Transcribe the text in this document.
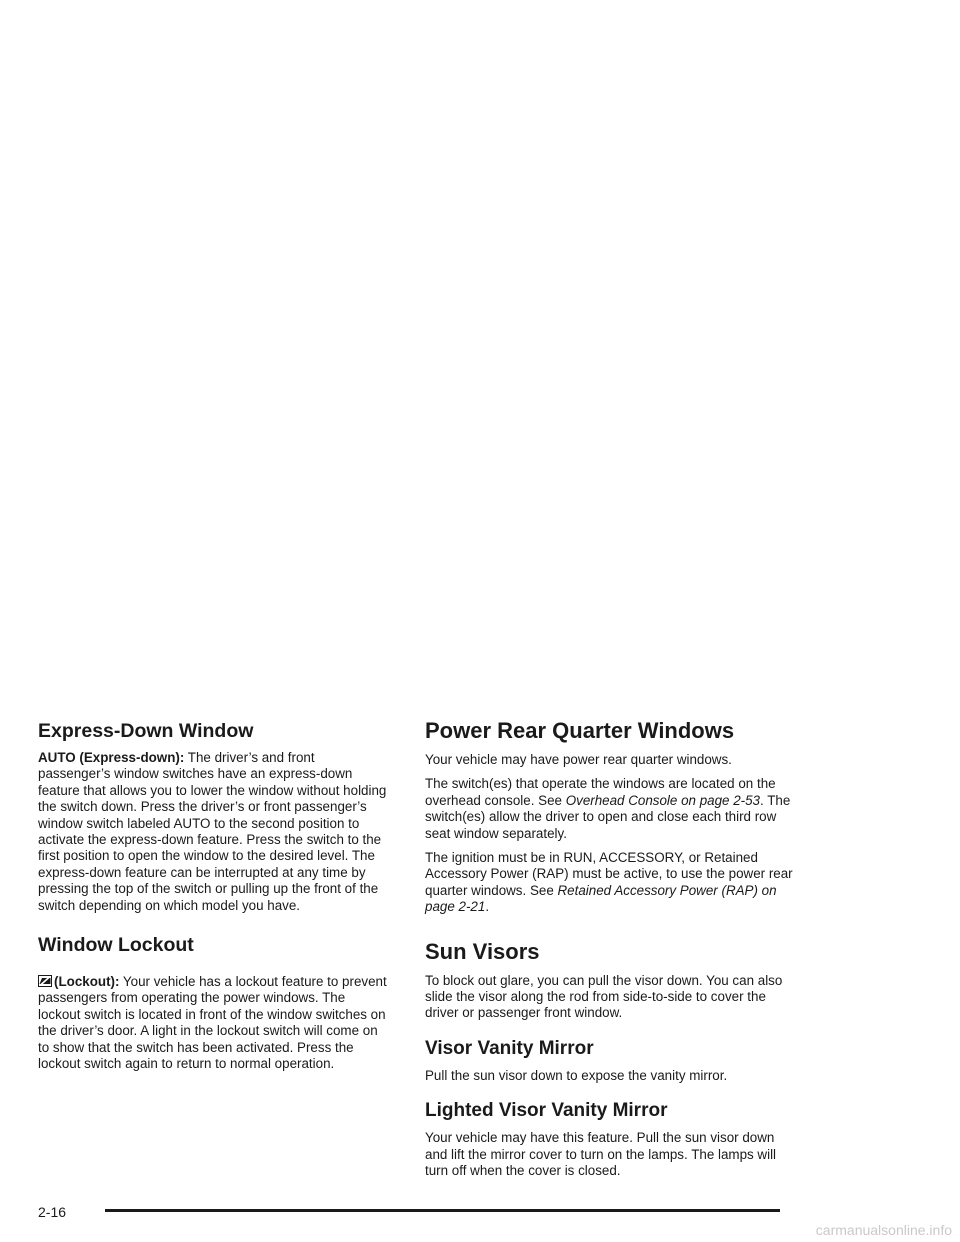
Express-Down Window

AUTO (Express-down): The driver’s and front passenger’s window switches have an express-down feature that allows you to lower the window without holding the switch down. Press the driver’s or front passenger’s window switch labeled AUTO to the second position to activate the express-down feature. Press the switch to the first position to open the window to the desired level. The express-down feature can be interrupted at any time by pressing the top of the switch or pulling up the front of the switch depending on which model you have.

Window Lockout

(Lockout): Your vehicle has a lockout feature to prevent passengers from operating the power windows. The lockout switch is located in front of the window switches on the driver’s door. A light in the lockout switch will come on to show that the switch has been activated. Press the lockout switch again to return to normal operation.

Power Rear Quarter Windows

Your vehicle may have power rear quarter windows.

The switch(es) that operate the windows are located on the overhead console. See Overhead Console on page 2-53. The switch(es) allow the driver to open and close each third row seat window separately.

The ignition must be in RUN, ACCESSORY, or Retained Accessory Power (RAP) must be active, to use the power rear quarter windows. See Retained Accessory Power (RAP) on page 2-21.

Sun Visors

To block out glare, you can pull the visor down. You can also slide the visor along the rod from side-to-side to cover the driver or passenger front window.

Visor Vanity Mirror

Pull the sun visor down to expose the vanity mirror.

Lighted Visor Vanity Mirror

Your vehicle may have this feature. Pull the sun visor down and lift the mirror cover to turn on the lamps. The lamps will turn off when the cover is closed.

2-16
carmanualsonline.info
